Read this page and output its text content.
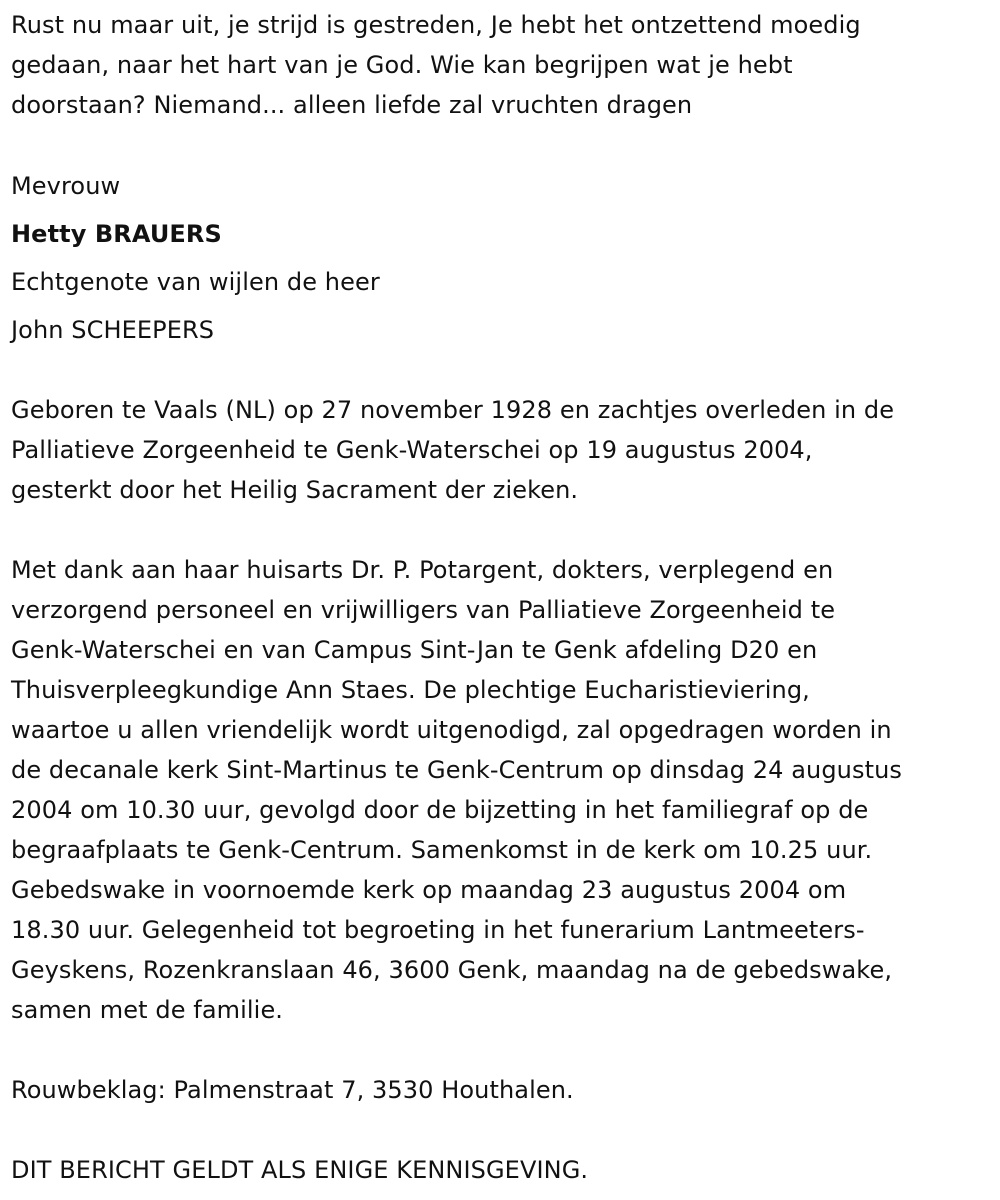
Rust nu maar uit, je strijd is gestreden, Je hebt het ontzettend moedig
gedaan, naar het hart van je God. Wie kan begrijpen wat je hebt
doorstaan? Niemand... alleen liefde zal vruchten dragen

Mevrouw

Hetty BRAUERS

Echtgenote van wijlen de heer

John SCHEEPERS

Geboren te Vaals (NL) op 27 november 1928 en zachtjes overleden in de
Palliatieve Zorgeenheid te Genk-Waterschei op 19 augustus 2004,
gesterkt door het Heilig Sacrament der zieken.

Met dank aan haar huisarts Dr. P. Potargent, dokters, verplegend en
verzorgend personeel en vrijwilligers van Palliatieve Zorgeenheid te
Genk-Waterschei en van Campus Sint-Jan te Genk afdeling D20 en
Thuisverpleegkundige Ann Staes. De plechtige Eucharistieviering,
waartoe u allen vriendelijk wordt uitgenodigd, zal opgedragen worden in
de decanale kerk Sint-Martinus te Genk-Centrum op dinsdag 24 augustus
2004 om 10.30 uur, gevolgd door de bijzetting in het familiegraf op de
begraafplaats te Genk-Centrum. Samenkomst in de kerk om 10.25 uur.
Gebedswake in voornoemde kerk op maandag 23 augustus 2004 om
18.30 uur. Gelegenheid tot begroeting in het funerarium Lantmeeters-
Geyskens, Rozenkranslaan 46, 3600 Genk, maandag na de gebedswake,
samen met de familie.

Rouwbeklag: Palmenstraat 7, 3530 Houthalen.

DIT BERICHT GELDT ALS ENIGE KENNISGEVING.
